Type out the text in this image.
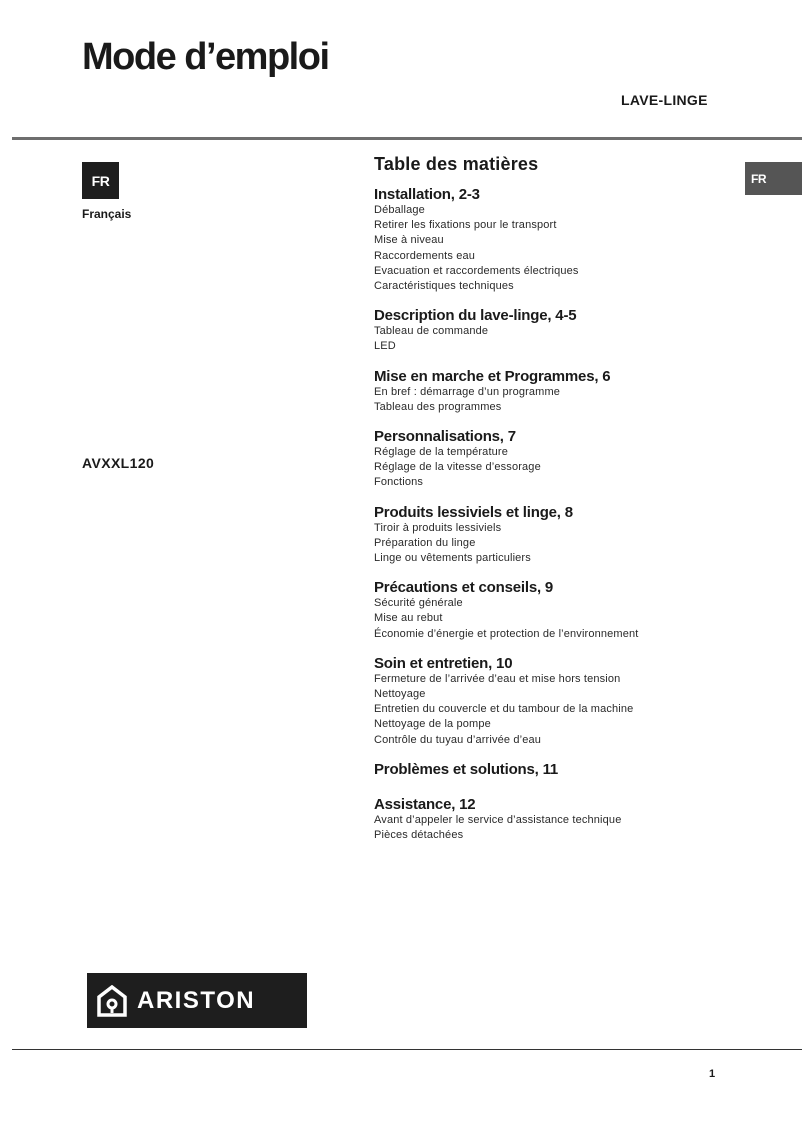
Mode d’emploi
LAVE-LINGE
FR
Français
AVXXL120
FR
Table des matières
Installation, 2-3
Déballage
Retirer les fixations pour le transport
Mise à niveau
Raccordements eau
Evacuation et raccordements électriques
Caractéristiques techniques
Description du lave-linge, 4-5
Tableau de commande
LED
Mise en marche et Programmes, 6
En bref : démarrage d’un programme
Tableau des programmes
Personnalisations, 7
Réglage de la température
Réglage de la vitesse d’essorage
Fonctions
Produits lessiviels et linge, 8
Tiroir à produits lessiviels
Préparation du linge
Linge ou vêtements particuliers
Précautions et conseils, 9
Sécurité générale
Mise au rebut
Économie d’énergie et protection de l’environnement
Soin et entretien, 10
Fermeture de l’arrivée d’eau et mise hors tension
Nettoyage
Entretien du couvercle et du tambour de la machine
Nettoyage de la pompe
Contrôle du tuyau d’arrivée d’eau
Problèmes et solutions, 11
Assistance, 12
Avant d’appeler le service d’assistance technique
Pièces détachées
ARISTON
1
